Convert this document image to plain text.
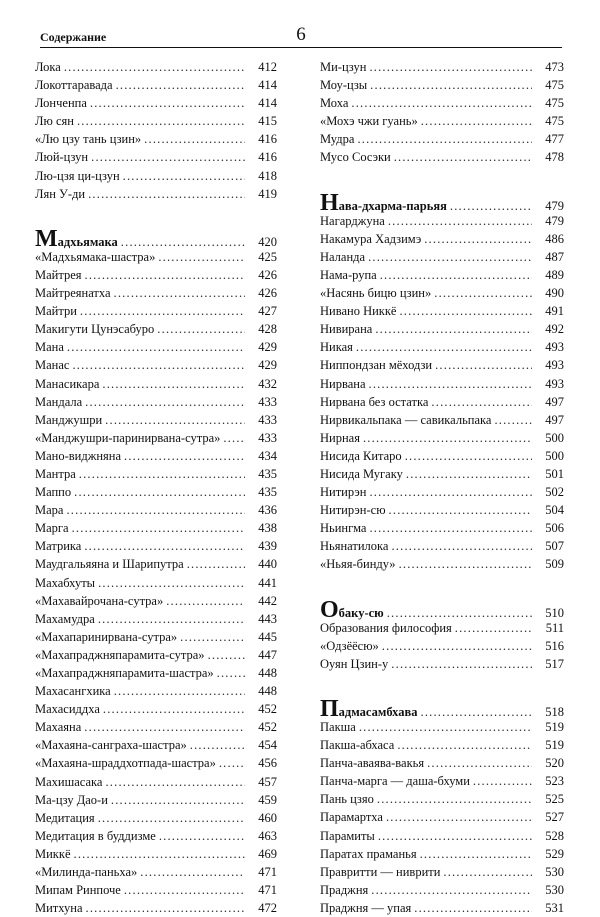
Содержание	6
Лока .....	412
Локоттаравада .....	414
Лонченпа .....	414
Лю сян .....	415
«Лю цзу тань цзин» .....	416
Люй-цзун .....	416
Лю-цзя ци-цзун .....	418
Лян У-ди .....	419
Мадхьямака .....	420
«Мадхьямака-шастра» .....	425
Майтрея .....	426
Майтреянатха .....	426
Майтри .....	427
Макигути Цунэсабуро .....	428
Мана .....	429
Манас .....	429
Манасикара .....	432
Мандала .....	433
Манджушри .....	433
«Манджушри-паринирвана-сутра» .....	433
Мано-виджняна .....	434
Мантра .....	435
Маппо .....	435
Мара .....	436
Марга .....	438
Матрика .....	439
Маудгальяяна и Шарипутра .....	440
Махабхуты .....	441
«Махавайрочана-сутра» .....	442
Махамудра .....	443
«Махапаринирвана-сутра» .....	445
«Махапраджняпарамита-сутра» .....	447
«Махапраджняпарамита-шастра» .....	448
Махасангхика .....	448
Махасиддха .....	452
Махаяна .....	452
«Махаяна-санграха-шастра» .....	454
«Махаяна-шраддхотпада-шастра» .....	456
Махишасака .....	457
Ма-цзу Дао-и .....	459
Медитация .....	460
Медитация в буддизме .....	463
Миккё .....	469
«Милинда-паньха» .....	471
Мипам Ринпоче .....	471
Митхуна .....	472
Ми-цзун .....	473
Моу-цзы .....	475
Моха .....	475
«Мохэ чжи гуань» .....	475
Мудра .....	477
Мусо Сосэки .....	478
Нава-дхарма-парьяя .....	479
Нагарджуна .....	479
Накамура Хадзимэ .....	486
Наланда .....	487
Нама-рупа .....	489
«Насянь бицю цзин» .....	490
Нивано Никкё .....	491
Нивирана .....	492
Никая .....	493
Ниппондзан мёходзи .....	493
Нирвана .....	493
Нирвана без остатка .....	497
Нирвикальпака — савикальпака .....	497
Нирная .....	500
Нисида Китаро .....	500
Нисида Мугаку .....	501
Нитирэн .....	502
Нитирэн-сю .....	504
Ньингма .....	506
Ньянатилока .....	507
«Ньяя-бинду» .....	509
Обаку-сю .....	510
Образования философия .....	511
«Одзёёсю» .....	516
Оуян Цзин-у .....	517
Падмасамбхава .....	518
Пакша .....	519
Пакша-абхаса .....	519
Панча-аваява-вакья .....	520
Панча-марга — даша-бхуми .....	523
Пань цзяо .....	525
Парамартха .....	527
Парамиты .....	528
Паратах праманья .....	529
Правритти — ниврити .....	530
Праджня .....	530
Праджня — упая .....	531
